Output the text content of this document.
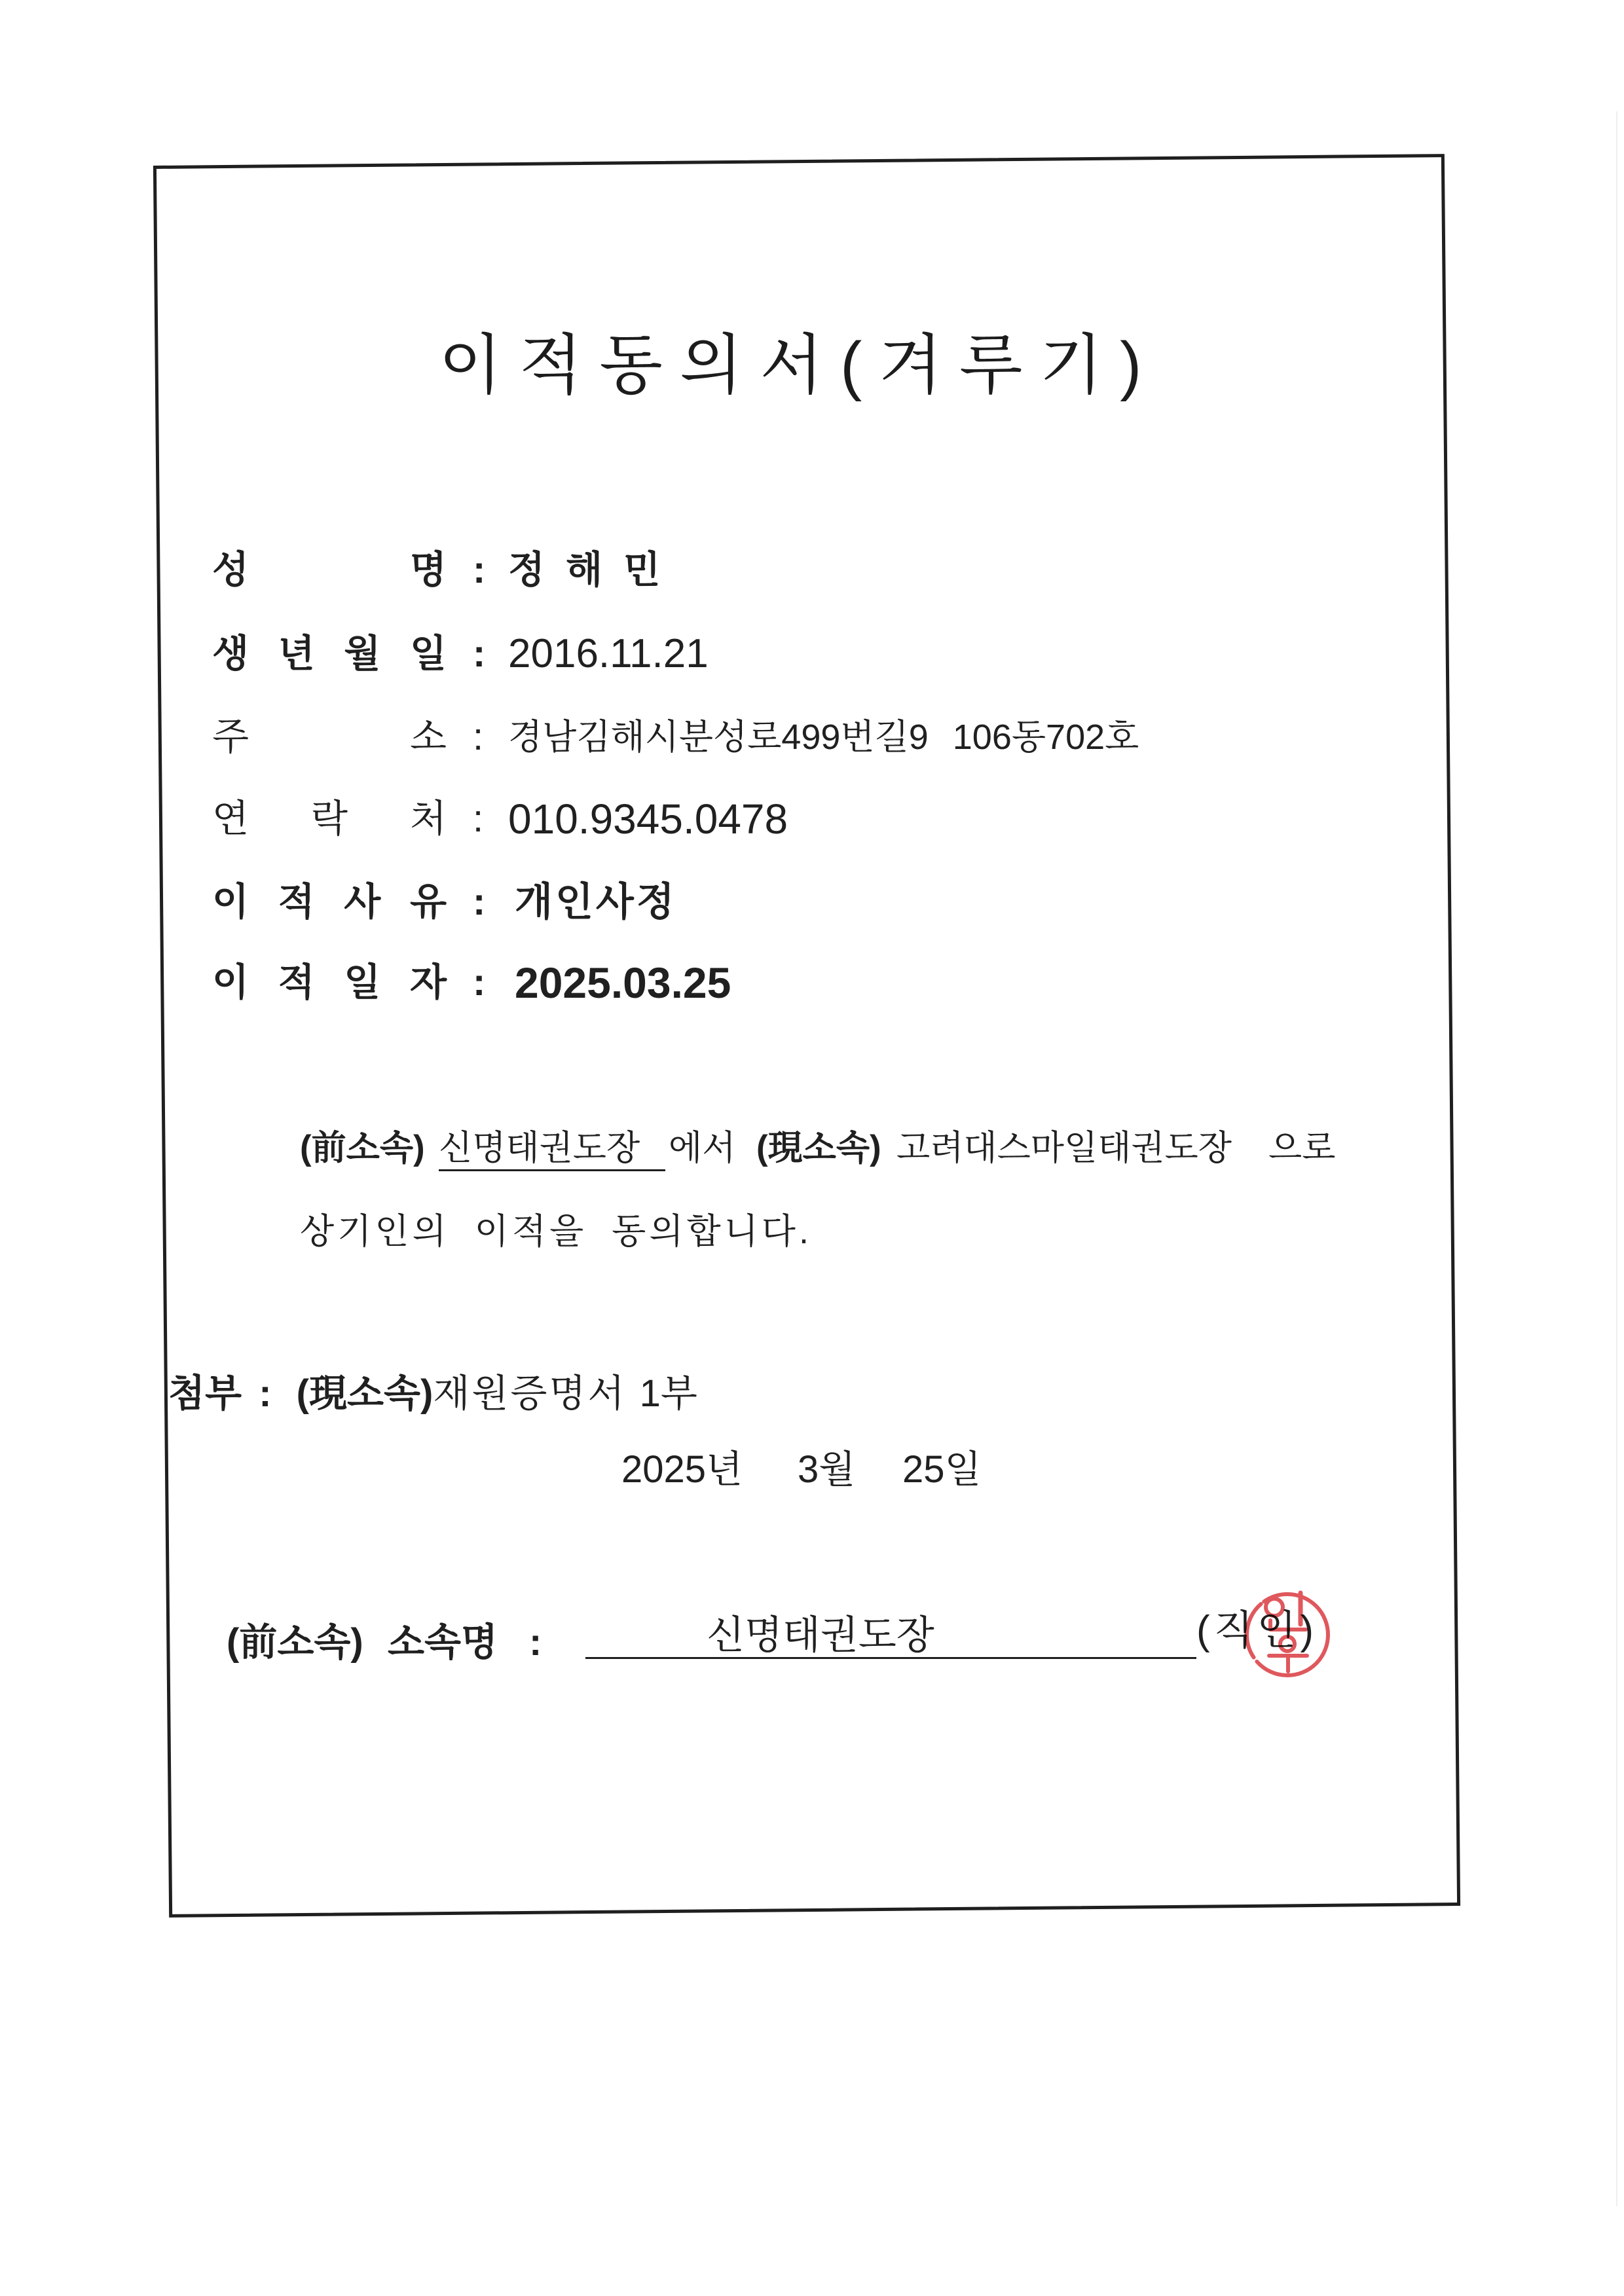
이적동의서(겨루기)
성 명 : 정 해 민
생 년 월 일 : 2016.11.21
주 소 : 경남김해시분성로499번길9 106동702호
연 락 처 : 010.9345.0478
이 적 사 유 : 개인사정
이 적 일 자 : 2025.03.25
(前소속) 신명태권도장 에서 (現소속) 고려대스마일태권도장 으로
상기인의 이적을 동의합니다.
첨부 : (現소속)재원증명서 1부
2025년 3월 25일
(前소속) 소속명 :	신명태권도장	(직인)
